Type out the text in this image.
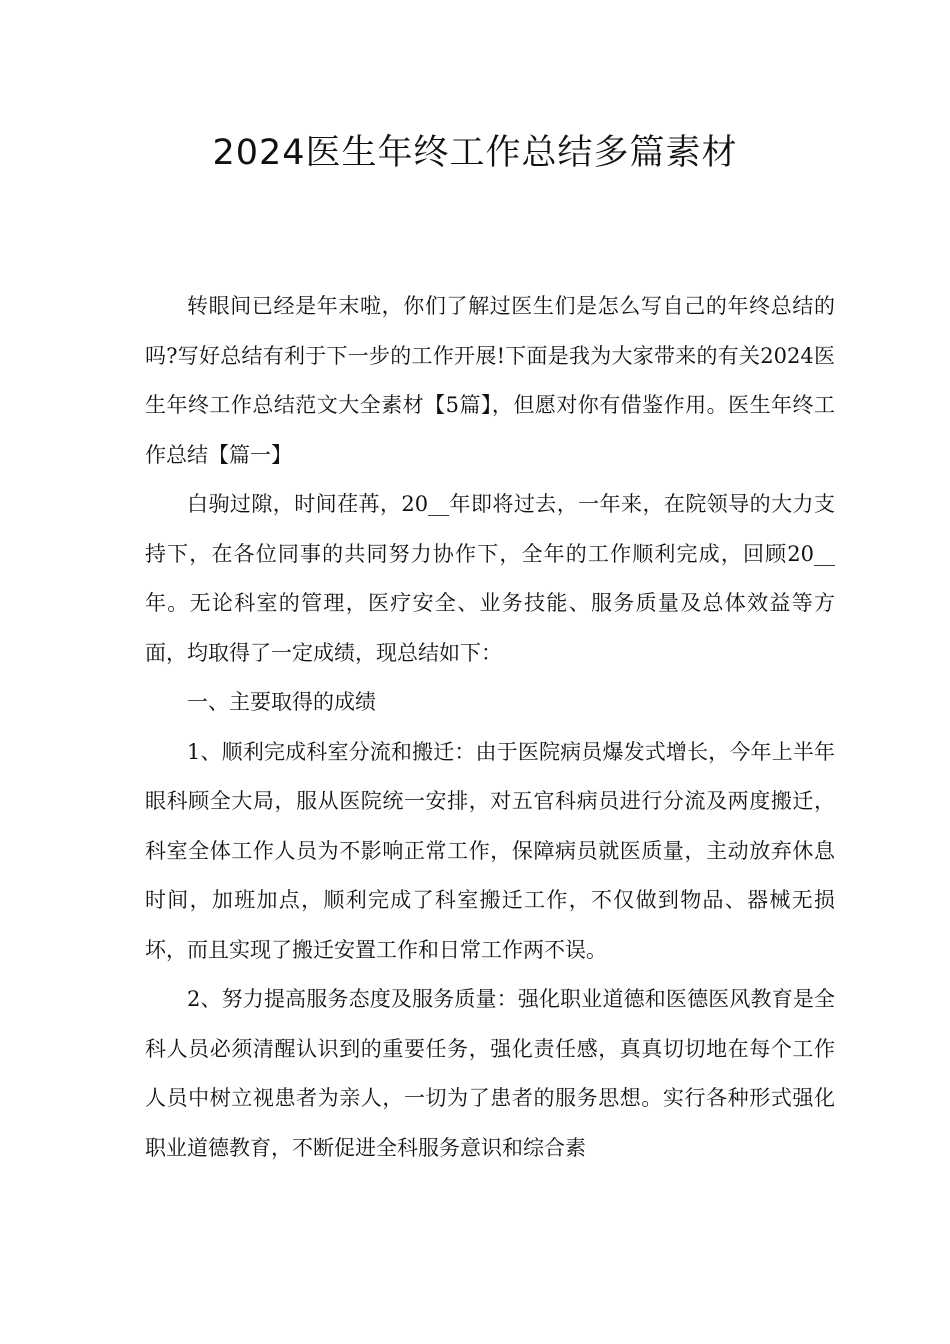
2024医生年终工作总结多篇素材

转眼间已经是年末啦，你们了解过医生们是怎么写自己的年终总结的吗?写好总结有利于下一步的工作开展!下面是我为大家带来的有关2024医生年终工作总结范文大全素材【5篇】，但愿对你有借鉴作用。医生年终工作总结【篇一】

白驹过隙，时间荏苒，20__年即将过去，一年来，在院领导的大力支持下，在各位同事的共同努力协作下，全年的工作顺利完成，回顾20__年。无论科室的管理，医疗安全、业务技能、服务质量及总体效益等方面，均取得了一定成绩，现总结如下：

一、主要取得的成绩

1、顺利完成科室分流和搬迁：由于医院病员爆发式增长，今年上半年眼科顾全大局，服从医院统一安排，对五官科病员进行分流及两度搬迁，科室全体工作人员为不影响正常工作，保障病员就医质量，主动放弃休息时间，加班加点，顺利完成了科室搬迁工作，不仅做到物品、器械无损坏，而且实现了搬迁安置工作和日常工作两不误。

2、努力提高服务态度及服务质量：强化职业道德和医德医风教育是全科人员必须清醒认识到的重要任务，强化责任感，真真切切地在每个工作人员中树立视患者为亲人，一切为了患者的服务思想。实行各种形式强化职业道德教育，不断促进全科服务意识和综合素
